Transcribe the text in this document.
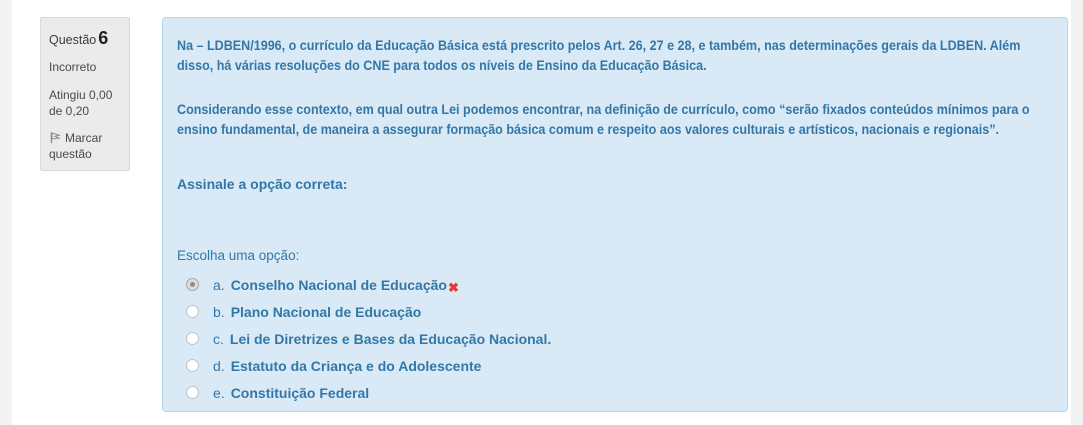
Questão 6
Incorreto
Atingiu 0,00 de 0,20
Marcar questão
Na – LDBEN/1996, o currículo da Educação Básica está prescrito pelos Art. 26, 27 e 28, e também, nas determinações gerais da LDBEN. Além disso, há várias resoluções do CNE para todos os níveis de Ensino da Educação Básica.
Considerando esse contexto, em qual outra Lei podemos encontrar, na definição de currículo, como “serão fixados conteúdos mínimos para o ensino fundamental, de maneira a assegurar formação básica comum e respeito aos valores culturais e artísticos, nacionais e regionais”.
Assinale a opção correta:
Escolha uma opção:
a. Conselho Nacional de Educação ✖
b. Plano Nacional de Educação
c. Lei de Diretrizes e Bases da Educação Nacional.
d. Estatuto da Criança e do Adolescente
e. Constituição Federal
